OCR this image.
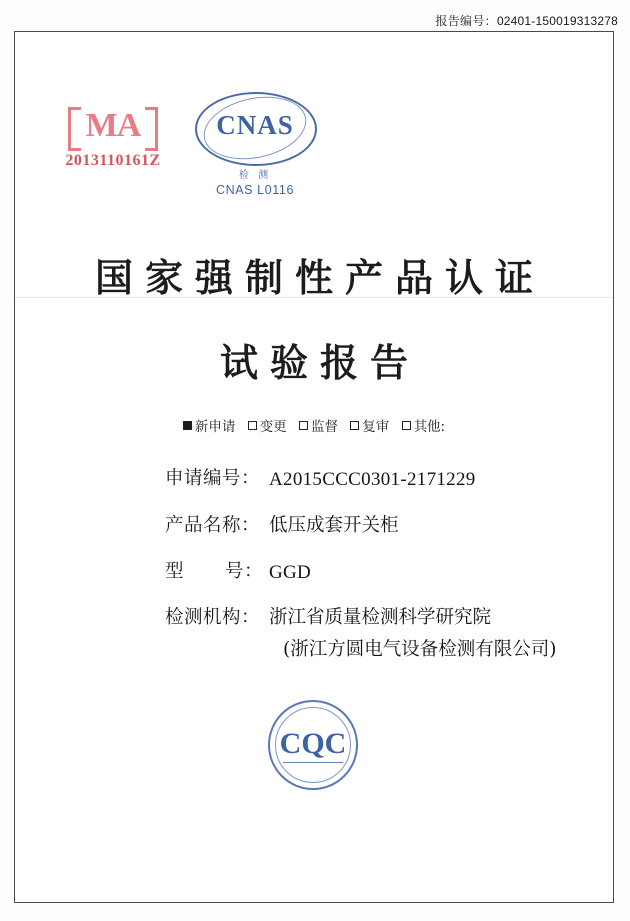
报告编号：02401-150019313278
MA
2013110161Z
CNAS
检 测
CNAS L0116
国家强制性产品认证
试验报告
新申请 变更 监督 复审 其他:
申请编号： A2015CCC0301-2171229
产品名称： 低压成套开关柜
型 号： GGD
检测机构： 浙江省质量检测科学研究院
(浙江方圆电气设备检测有限公司)
CQC
